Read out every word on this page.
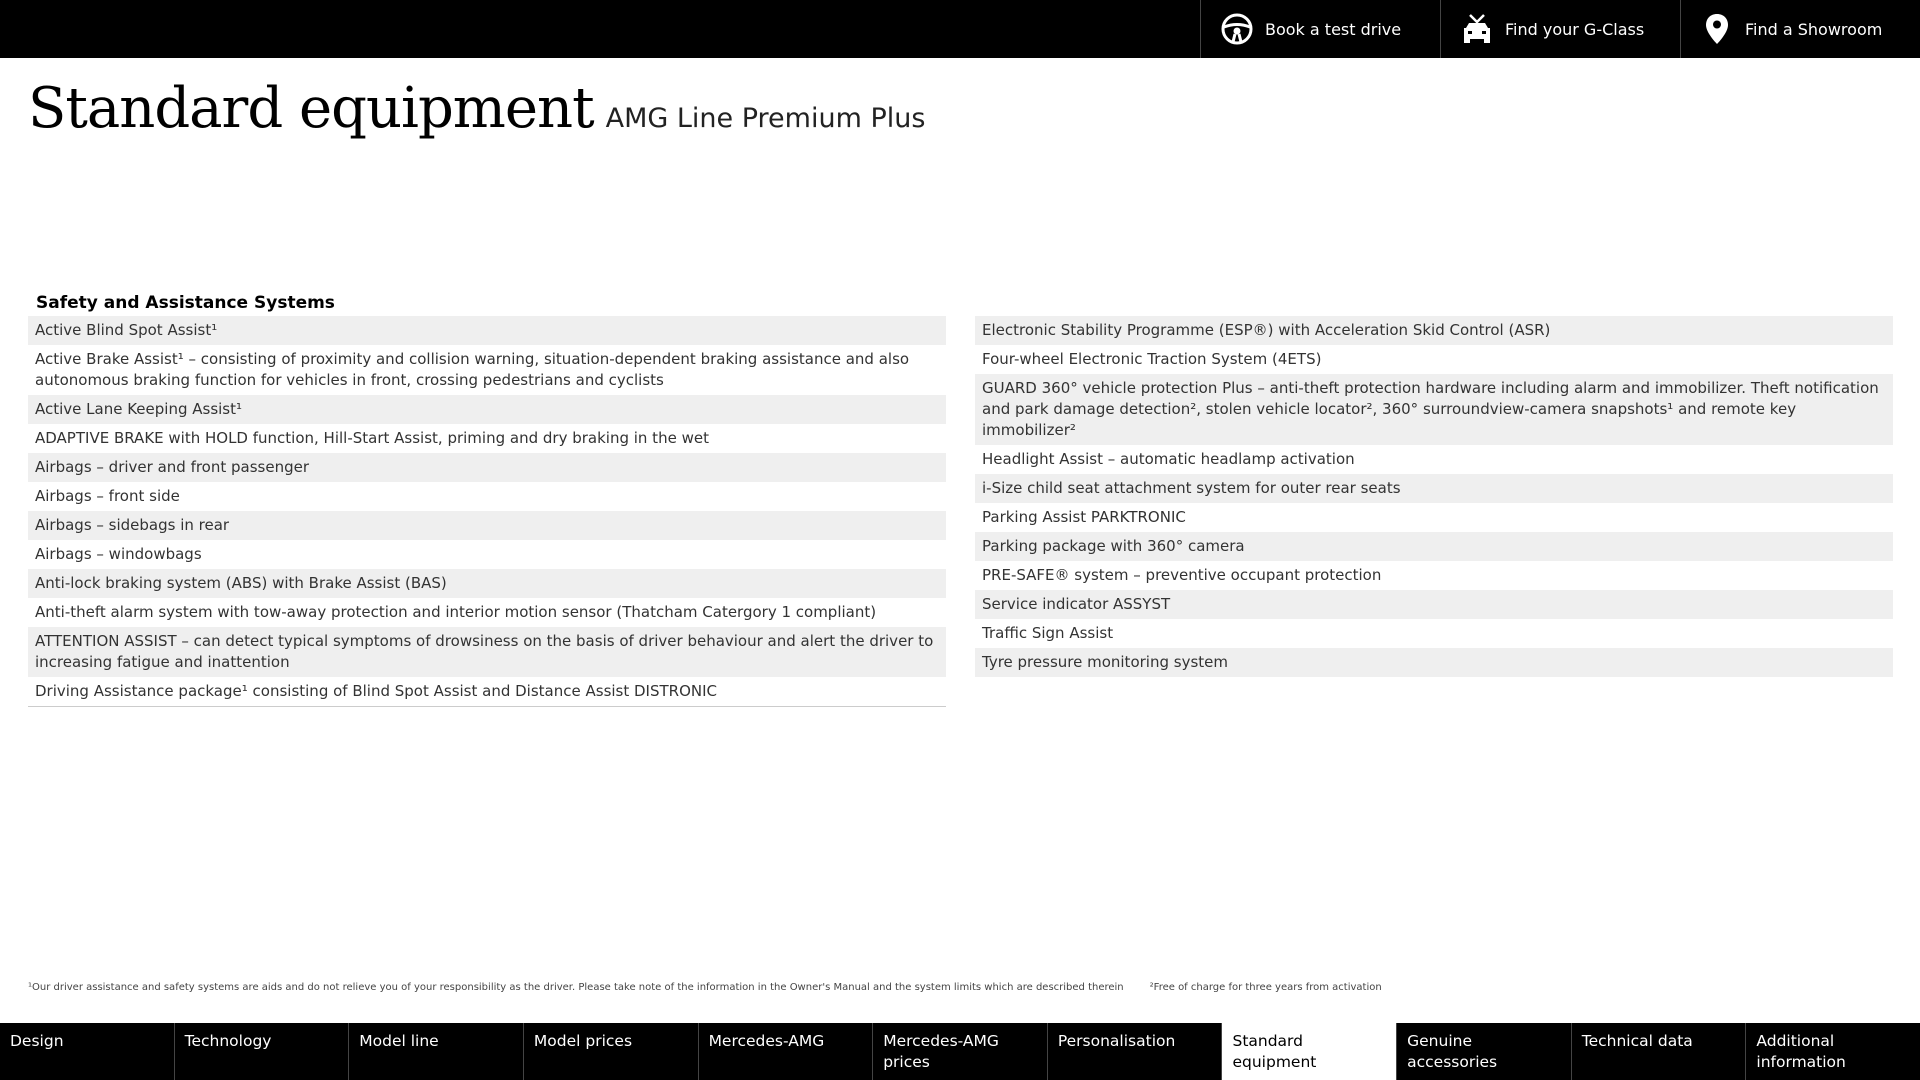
Book a test drive	Find your G-Class	Find a Showroom
Standard equipment AMG Line Premium Plus
Safety and Assistance Systems
Active Blind Spot Assist¹
Active Brake Assist¹ – consisting of proximity and collision warning, situation-dependent braking assistance and also autonomous braking function for vehicles in front, crossing pedestrians and cyclists
Active Lane Keeping Assist¹
ADAPTIVE BRAKE with HOLD function, Hill-Start Assist, priming and dry braking in the wet
Airbags – driver and front passenger
Airbags – front side
Airbags – sidebags in rear
Airbags – windowbags
Anti-lock braking system (ABS) with Brake Assist (BAS)
Anti-theft alarm system with tow-away protection and interior motion sensor (Thatcham Catergory 1 compliant)
ATTENTION ASSIST – can detect typical symptoms of drowsiness on the basis of driver behaviour and alert the driver to increasing fatigue and inattention
Driving Assistance package¹ consisting of Blind Spot Assist and Distance Assist DISTRONIC
Electronic Stability Programme (ESP®) with Acceleration Skid Control (ASR)
Four-wheel Electronic Traction System (4ETS)
GUARD 360° vehicle protection Plus – anti-theft protection hardware including alarm and immobilizer. Theft notification and park damage detection², stolen vehicle locator², 360° surroundview-camera snapshots¹ and remote key immobilizer²
Headlight Assist – automatic headlamp activation
i-Size child seat attachment system for outer rear seats
Parking Assist PARKTRONIC
Parking package with 360° camera
PRE-SAFE® system – preventive occupant protection
Service indicator ASSYST
Traffic Sign Assist
Tyre pressure monitoring system
¹Our driver assistance and safety systems are aids and do not relieve you of your responsibility as the driver. Please take note of the information in the Owner's Manual and the system limits which are described therein	²Free of charge for three years from activation
Design	Technology	Model line	Model prices	Mercedes-AMG	Mercedes-AMG prices
Personalisation	Standard equipment
Genuine accessories
Technical data	Additional information
